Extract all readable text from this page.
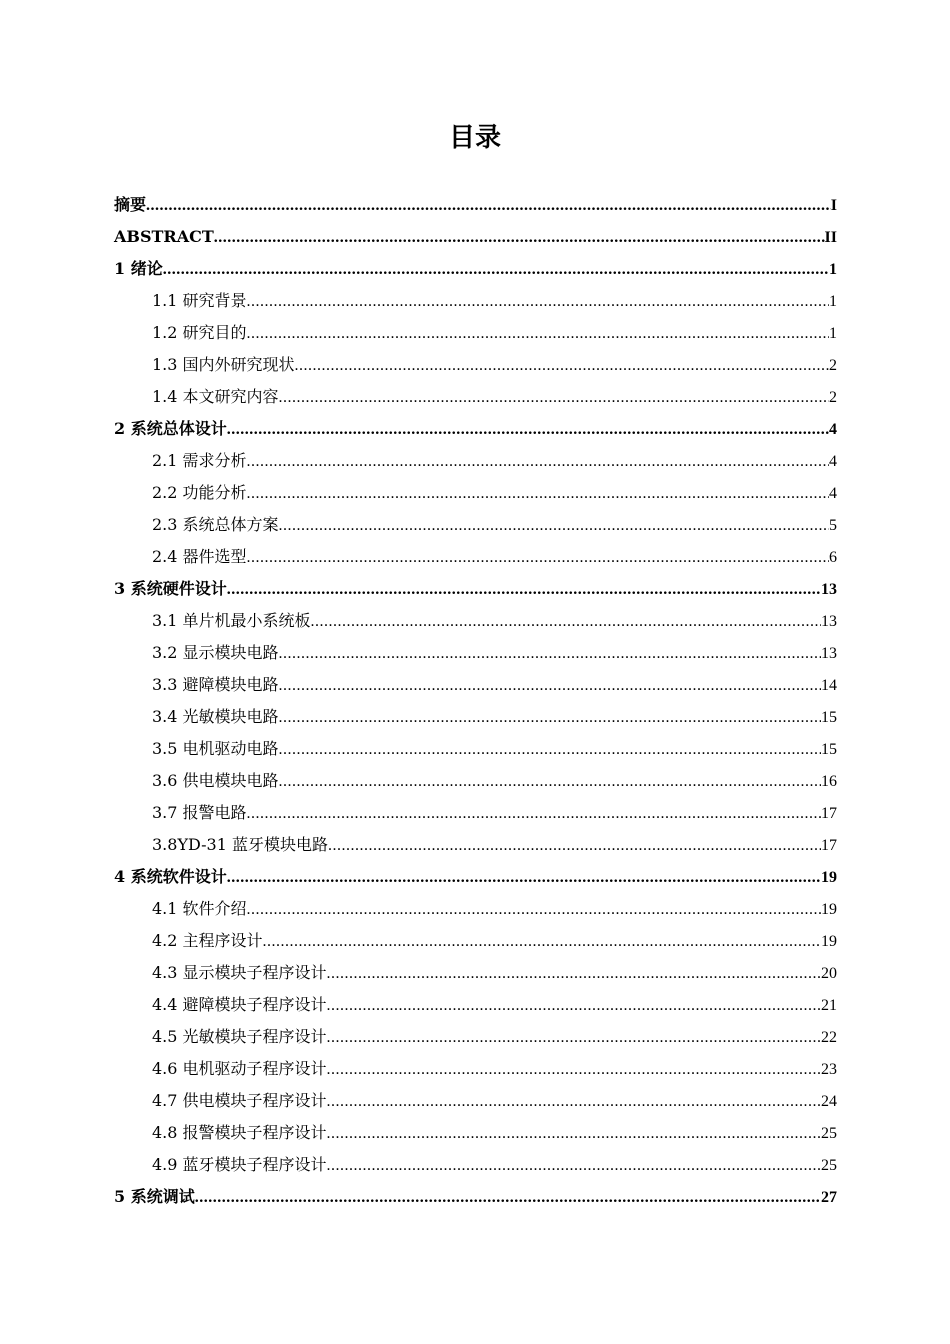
目录
摘要 .....	I
ABSTRACT .....	II
1 绪论 .....	1
1.1 研究背景 .....	1
1.2 研究目的 .....	1
1.3 国内外研究现状 .....	2
1.4 本文研究内容 .....	2
2 系统总体设计 .....	4
2.1 需求分析 .....	4
2.2 功能分析 .....	4
2.3 系统总体方案 .....	5
2.4 器件选型 .....	6
3 系统硬件设计 .....	13
3.1 单片机最小系统板 .....	13
3.2 显示模块电路 .....	13
3.3 避障模块电路 .....	14
3.4 光敏模块电路 .....	15
3.5 电机驱动电路 .....	15
3.6 供电模块电路 .....	16
3.7 报警电路 .....	17
3.8YD-31 蓝牙模块电路 .....	17
4 系统软件设计 .....	19
4.1 软件介绍 .....	19
4.2 主程序设计 .....	19
4.3 显示模块子程序设计 .....	20
4.4 避障模块子程序设计 .....	21
4.5 光敏模块子程序设计 .....	22
4.6 电机驱动子程序设计 .....	23
4.7 供电模块子程序设计 .....	24
4.8 报警模块子程序设计 .....	25
4.9 蓝牙模块子程序设计 .....	25
5 系统调试 .....	27
